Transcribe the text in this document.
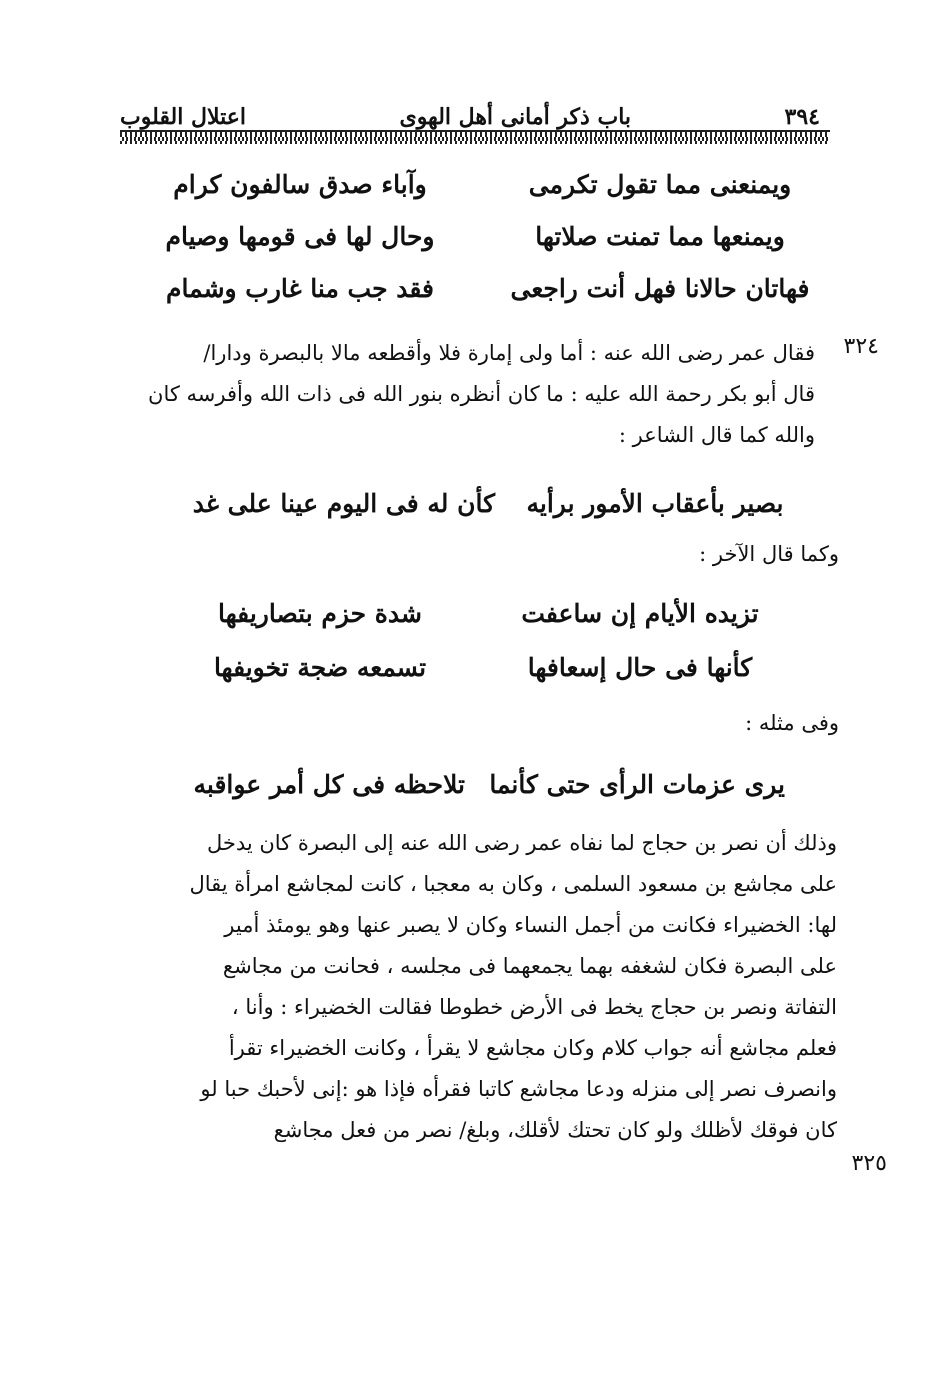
٣٩٤
باب ذكر أمانى أهل الهوى
اعتلال القلوب
ويمنعنى مما تقول تكرمى
وآباء صدق سالفون كرام
ويمنعها مما تمنت صلاتها
وحال لها فى قومها وصيام
فهاتان حالانا فهل أنت راجعى
فقد جب منا غارب وشمام
٣٢٤
فقال عمر رضى الله عنه : أما ولى إمارة فلا وأقطعه مالا بالبصرة ودارا/
قال أبو بكر رحمة الله عليه : ما كان أنظره بنور الله فى ذات الله وأفرسه كان
والله كما قال الشاعر :
بصير بأعقاب الأمور برأيه
كأن له فى اليوم عينا على غد
وكما قال الآخر :
تزيده الأيام إن ساعفت
شدة حزم بتصاريفها
كأنها فى حال إسعافها
تسمعه ضجة تخويفها
وفى مثله :
يرى عزمات الرأى حتى كأنما
تلاحظه فى كل أمر عواقبه
وذلك أن نصر بن حجاج لما نفاه عمر رضى الله عنه إلى البصرة كان يدخل
على مجاشع بن مسعود السلمى ، وكان به معجبا ، كانت لمجاشع امرأة يقال
لها: الخضيراء فكانت من أجمل النساء وكان لا يصبر عنها وهو يومئذ أمير
على البصرة فكان لشغفه بهما يجمعهما فى مجلسه ، فحانت من مجاشع
التفاتة ونصر بن حجاج يخط فى الأرض خطوطا فقالت الخضيراء : وأنا ،
فعلم مجاشع أنه جواب كلام وكان مجاشع لا يقرأ ، وكانت الخضيراء تقرأ
وانصرف نصر إلى منزله ودعا مجاشع كاتبا فقرأه فإذا هو :إنى لأحبك حبا لو
كان فوقك لأظلك ولو كان تحتك لأقلك، وبلغ/ نصر من فعل مجاشع
٣٢٥
